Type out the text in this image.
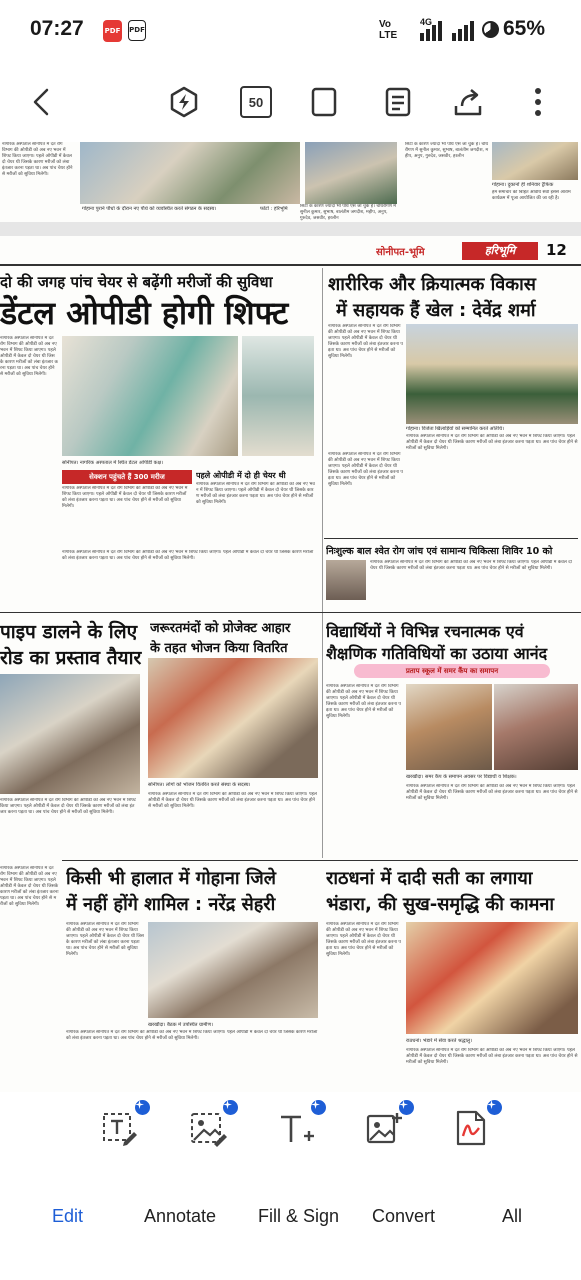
07:27	PDF PDF	Vo
LTE
4G	65%
50
नागरिक अस्पताल सोनीपत में दंत रोग विभाग की ओपीडी को अब नए भवन में शिफ्ट किया जाएगा। पहले ओपीडी में केवल दो चेयर थी जिसके कारण मरीजों को लंबा इंतजार करना पड़ता था। अब पांच चेयर होने से मरीजों को सुविधा मिलेगी।
गोहाना पुराने पौधों के दौरान नए पौधे को व्यवस्थित करते संगठन के सदस्य।	फोटो : हरिभूमि	सिटी के कारण ज्यादा भी पौधे ऐसे जा चुके हैं। चौधरीगण में सुनील कुमार, सुभाष, बालंतीम जगदीश, महीप, अनुप, गुरुदेव, जसवीर, हरलीन
सिटी के कारण ज्यादा भी पौधे ऐसे जा चुके हैं। चौधरीगण में सुनील कुमार, सुभाष, बालंतीम जगदीश, महीप, अनुप, गुरुदेव, जसवीर, हरलीन
गोहाना। दुकानों ही शनिवार ट्रैफिक
हम समाचार की बिहित अविधि सेवी इससे आराम कार्यक्रम में पूजा आयोजित की जा रही है।
सोनीपत-भूमि	हरिभूमि	12
दो की जगह पांच चेयर से बढ़ेंगी मरीजों की सुविधा
डेंटल ओपीडी होगी शिफ्ट
शारीरिक और क्रियात्मक विकास
में सहायक हैं खेल : देवेंद्र शर्मा
नागरिक अस्पताल सोनीपत में दंत रोग विभाग की ओपीडी को अब नए भवन में शिफ्ट किया जाएगा। पहले ओपीडी में केवल दो चेयर थी जिसके कारण मरीजों को लंबा इंतजार करना पड़ता था। अब पांच चेयर होने से मरीजों को सुविधा मिलेगी।
सोनीपत। नागरिक अस्पताल में स्थित डेंटल ओपीडी कक्ष।
सेक्शन पहुंचते हैं 300 मरीज
नागरिक अस्पताल सोनीपत में दंत रोग विभाग की ओपीडी को अब नए भवन में शिफ्ट किया जाएगा। पहले ओपीडी में केवल दो चेयर थी जिसके कारण मरीजों को लंबा इंतजार करना पड़ता था। अब पांच चेयर होने से मरीजों को सुविधा मिलेगी।
पहले ओपीडी में दो ही चेयर थी
नागरिक अस्पताल सोनीपत में दंत रोग विभाग की ओपीडी को अब नए भवन में शिफ्ट किया जाएगा। पहले ओपीडी में केवल दो चेयर थी जिसके कारण मरीजों को लंबा इंतजार करना पड़ता था। अब पांच चेयर होने से मरीजों को सुविधा मिलेगी।
नागरिक अस्पताल सोनीपत में दंत रोग विभाग की ओपीडी को अब नए भवन में शिफ्ट किया जाएगा। पहले ओपीडी में केवल दो चेयर थी जिसके कारण मरीजों को लंबा इंतजार करना पड़ता था। अब पांच चेयर होने से मरीजों को सुविधा मिलेगी।
नागरिक अस्पताल सोनीपत में दंत रोग विभाग की ओपीडी को अब नए भवन में शिफ्ट किया जाएगा। पहले ओपीडी में केवल दो चेयर थी जिसके कारण मरीजों को लंबा इंतजार करना पड़ता था। अब पांच चेयर होने से मरीजों को सुविधा मिलेगी।
गोहाना। विजेता खिलाड़ियों को सम्मानित करते अतिथि।
नागरिक अस्पताल सोनीपत में दंत रोग विभाग की ओपीडी को अब नए भवन में शिफ्ट किया जाएगा। पहले ओपीडी में केवल दो चेयर थी जिसके कारण मरीजों को लंबा इंतजार करना पड़ता था। अब पांच चेयर होने से मरीजों को सुविधा मिलेगी।
नागरिक अस्पताल सोनीपत में दंत रोग विभाग की ओपीडी को अब नए भवन में शिफ्ट किया जाएगा। पहले ओपीडी में केवल दो चेयर थी जिसके कारण मरीजों को लंबा इंतजार करना पड़ता था। अब पांच चेयर होने से मरीजों को सुविधा मिलेगी।
निःशुल्क बाल श्वेत रोग जांच एवं सामान्य चिकित्सा शिविर 10 को
नागरिक अस्पताल सोनीपत में दंत रोग विभाग की ओपीडी को अब नए भवन में शिफ्ट किया जाएगा। पहले ओपीडी में केवल दो चेयर थी जिसके कारण मरीजों को लंबा इंतजार करना पड़ता था। अब पांच चेयर होने से मरीजों को सुविधा मिलेगी।
पाइप डालने के लिए
रोड का प्रस्ताव तैयार
नागरिक अस्पताल सोनीपत में दंत रोग विभाग की ओपीडी को अब नए भवन में शिफ्ट किया जाएगा। पहले ओपीडी में केवल दो चेयर थी जिसके कारण मरीजों को लंबा इंतजार करना पड़ता था। अब पांच चेयर होने से मरीजों को सुविधा मिलेगी।
नागरिक अस्पताल सोनीपत में दंत रोग विभाग की ओपीडी को अब नए भवन में शिफ्ट किया जाएगा। पहले ओपीडी में केवल दो चेयर थी जिसके कारण मरीजों को लंबा इंतजार करना पड़ता था। अब पांच चेयर होने से मरीजों को सुविधा मिलेगी।
जरूरतमंदों को प्रोजेक्ट आहार
के तहत भोजन किया वितरित
सोनीपत। लोगों को भोजन वितरित करते संस्था के सदस्य।
नागरिक अस्पताल सोनीपत में दंत रोग विभाग की ओपीडी को अब नए भवन में शिफ्ट किया जाएगा। पहले ओपीडी में केवल दो चेयर थी जिसके कारण मरीजों को लंबा इंतजार करना पड़ता था। अब पांच चेयर होने से मरीजों को सुविधा मिलेगी।
विद्यार्थियों ने विभिन्न रचनात्मक एवं
शैक्षणिक गतिविधियों का उठाया आनंद
प्रताप स्कूल में समर कैंप का समापन
नागरिक अस्पताल सोनीपत में दंत रोग विभाग की ओपीडी को अब नए भवन में शिफ्ट किया जाएगा। पहले ओपीडी में केवल दो चेयर थी जिसके कारण मरीजों को लंबा इंतजार करना पड़ता था। अब पांच चेयर होने से मरीजों को सुविधा मिलेगी।
खरखौदा। समर कैंप के समापन अवसर पर विद्यार्थी व शिक्षक।
नागरिक अस्पताल सोनीपत में दंत रोग विभाग की ओपीडी को अब नए भवन में शिफ्ट किया जाएगा। पहले ओपीडी में केवल दो चेयर थी जिसके कारण मरीजों को लंबा इंतजार करना पड़ता था। अब पांच चेयर होने से मरीजों को सुविधा मिलेगी।
किसी भी हालात में गोहाना जिले
में नहीं होंगे शामिल : नरेंद्र सेहरी
नागरिक अस्पताल सोनीपत में दंत रोग विभाग की ओपीडी को अब नए भवन में शिफ्ट किया जाएगा। पहले ओपीडी में केवल दो चेयर थी जिसके कारण मरीजों को लंबा इंतजार करना पड़ता था। अब पांच चेयर होने से मरीजों को सुविधा मिलेगी।
खरखौदा। बैठक में उपस्थित ग्रामीण।
नागरिक अस्पताल सोनीपत में दंत रोग विभाग की ओपीडी को अब नए भवन में शिफ्ट किया जाएगा। पहले ओपीडी में केवल दो चेयर थी जिसके कारण मरीजों को लंबा इंतजार करना पड़ता था। अब पांच चेयर होने से मरीजों को सुविधा मिलेगी।
राठधनां में दादी सती का लगाया
भंडारा, की सुख-समृद्धि की कामना
नागरिक अस्पताल सोनीपत में दंत रोग विभाग की ओपीडी को अब नए भवन में शिफ्ट किया जाएगा। पहले ओपीडी में केवल दो चेयर थी जिसके कारण मरीजों को लंबा इंतजार करना पड़ता था। अब पांच चेयर होने से मरीजों को सुविधा मिलेगी।
राठधनां। भंडारे में सेवा करते श्रद्धालु।
नागरिक अस्पताल सोनीपत में दंत रोग विभाग की ओपीडी को अब नए भवन में शिफ्ट किया जाएगा। पहले ओपीडी में केवल दो चेयर थी जिसके कारण मरीजों को लंबा इंतजार करना पड़ता था। अब पांच चेयर होने से मरीजों को सुविधा मिलेगी।
Edit	Annotate Fill & Sign Convert	All
